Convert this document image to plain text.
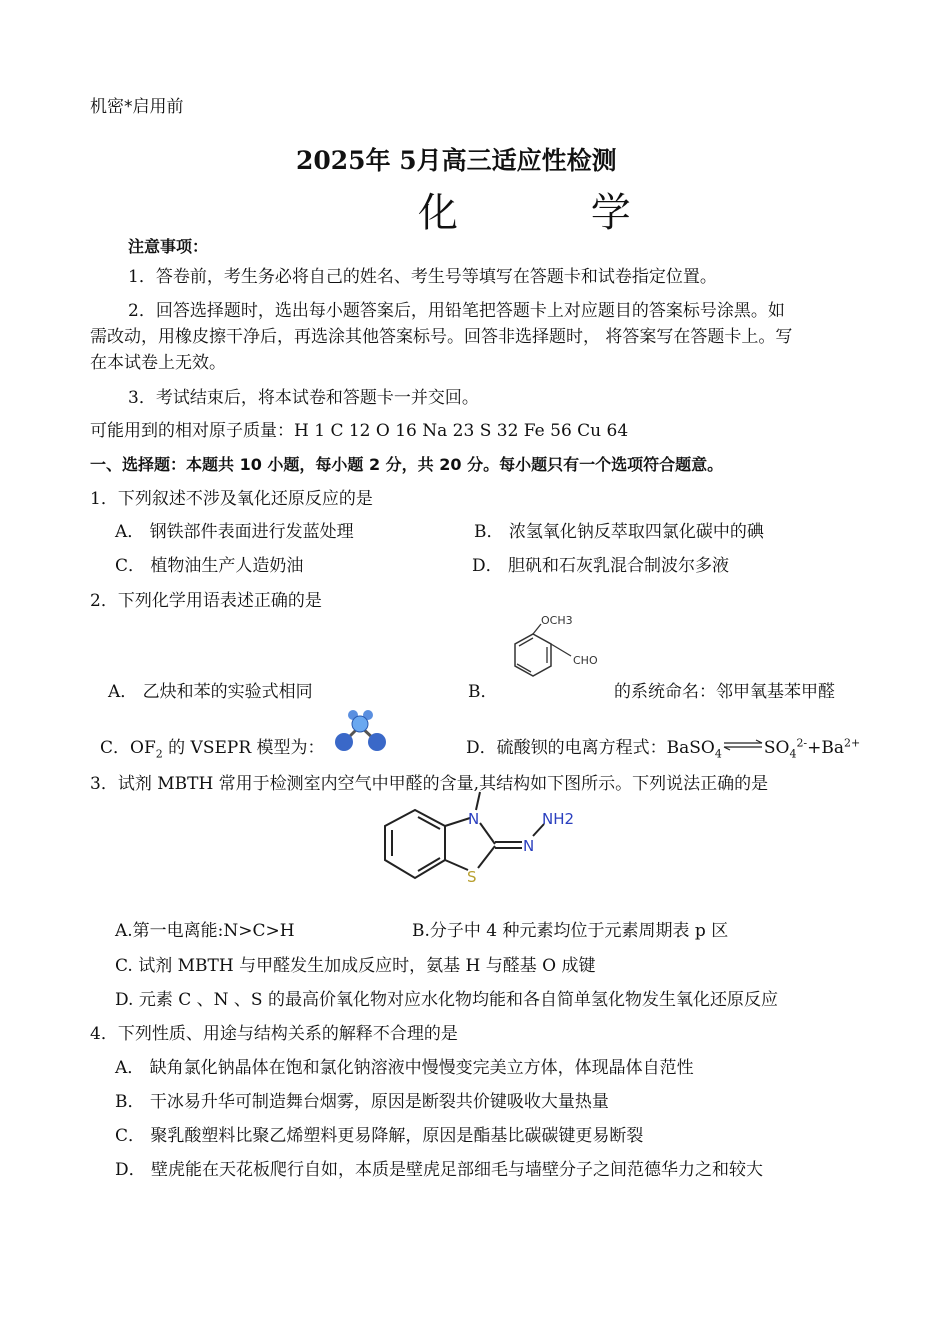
机密*启用前
2025年 5月高三适应性检测
化 学
注意事项：
1．答卷前，考生务必将自己的姓名、考生号等填写在答题卡和试卷指定位置。
2．回答选择题时，选出每小题答案后，用铅笔把答题卡上对应题目的答案标号涂黑。如
需改动，用橡皮擦干净后，再选涂其他答案标号。回答非选择题时， 将答案写在答题卡上。写
在本试卷上无效。
3．考试结束后，将本试卷和答题卡一并交回。
可能用到的相对原子质量：H 1 C 12 O 16 Na 23 S 32 Fe 56 Cu 64
一、选择题：本题共 10 小题，每小题 2 分，共 20 分。每小题只有一个选项符合题意。
1．下列叙述不涉及氧化还原反应的是
A． 钢铁部件表面进行发蓝处理	B． 浓氢氧化钠反萃取四氯化碳中的碘
C． 植物油生产人造奶油	D． 胆矾和石灰乳混合制波尔多液
2．下列化学用语表述正确的是
A． 乙炔和苯的实验式相同	B．
OCH3
CHO
的系统命名：邻甲氧基苯甲醛
C．$OF_2$ 的 VSEPR 模型为：	D．硫酸钡的电离方程式：$BaSO_4\rightleftharpoons SO_4^{2-}+Ba^{2+}$
3．试剂 MBTH 常用于检测室内空气中甲醛的含量,其结构如下图所示。下列说法正确的是
N
N
NH2
S
A.第一电离能:N>C>H	B.分子中 4 种元素均位于元素周期表 p 区
C. 试剂 MBTH 与甲醛发生加成反应时，氨基 H 与醛基 O 成键
D. 元素 C 、N 、S 的最高价氧化物对应水化物均能和各自简单氢化物发生氧化还原反应
4．下列性质、用途与结构关系的解释不合理的是
A． 缺角氯化钠晶体在饱和氯化钠溶液中慢慢变完美立方体，体现晶体自范性
B． 干冰易升华可制造舞台烟雾，原因是断裂共价键吸收大量热量
C． 聚乳酸塑料比聚乙烯塑料更易降解，原因是酯基比碳碳键更易断裂
D． 壁虎能在天花板爬行自如，本质是壁虎足部细毛与墙壁分子之间范德华力之和较大
